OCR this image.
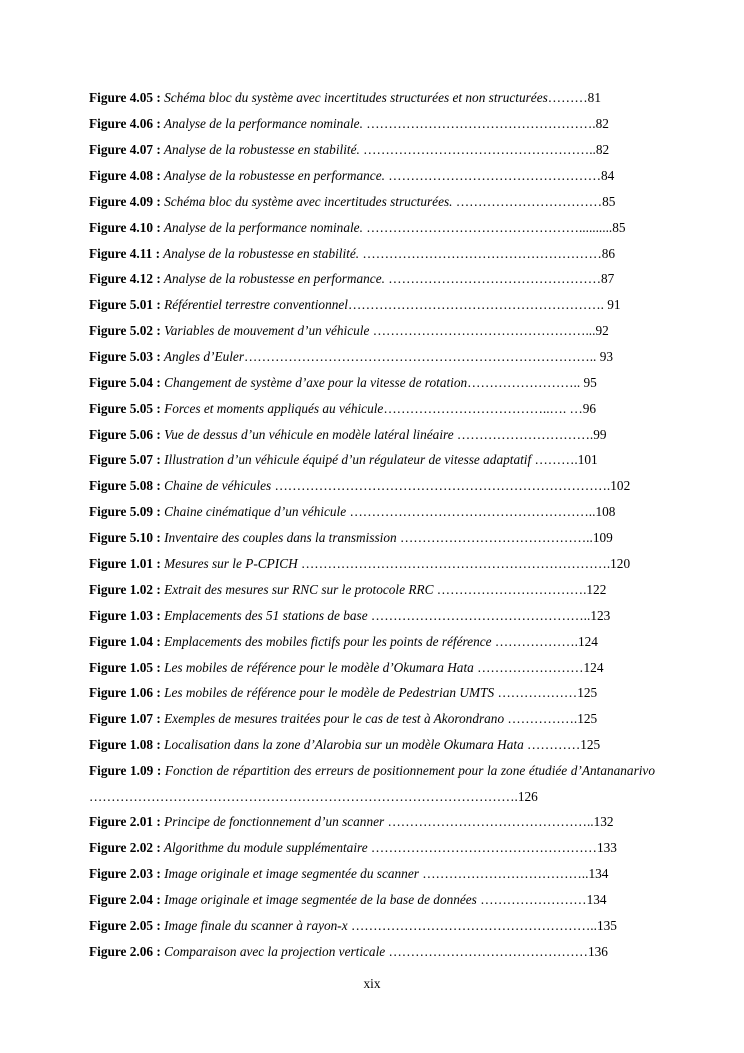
Figure 4.05 : Schéma bloc du système avec incertitudes structurées et non structurées………81
Figure 4.06 : Analyse de la performance nominale. …………………………………………….82
Figure 4.07 : Analyse de la robustesse en stabilité. ……………………………………………..82
Figure 4.08 : Analyse de la robustesse en performance. …………………………………………84
Figure 4.09 : Schéma bloc du système avec incertitudes structurées. ……………………………85
Figure 4.10 : Analyse de la performance nominale. …………………………………………..........85
Figure 4.11 : Analyse de la robustesse en stabilité. ………………………………………………86
Figure 4.12 : Analyse de la robustesse en performance. …………………………………………87
Figure 5.01 : Référentiel terrestre conventionnel…………………………………………………. 91
Figure 5.02 : Variables de mouvement d’un véhicule …………………………………………...92
Figure 5.03 : Angles d’Euler…………………………………………………………………….. 93
Figure 5.04 : Changement de système d’axe pour la vitesse de rotation…………………….. 95
Figure 5.05 : Forces et moments appliqués au véhicule………………………………..…. …96
Figure 5.06 : Vue de dessus d’un véhicule en modèle latéral linéaire ………………………….99
Figure 5.07 : Illustration d’un véhicule équipé d’un régulateur de vitesse adaptatif ……….101
Figure 5.08 : Chaine de véhicules ………………………………………………………………….102
Figure 5.09 : Chaine cinématique d’un véhicule ………………………………………………..108
Figure 5.10 : Inventaire des couples dans la transmission ……………………………………..109
Figure 1.01 : Mesures sur le P-CPICH …………………………………………………………….120
Figure 1.02 : Extrait des mesures sur RNC sur le protocole RRC …………………………….122
Figure 1.03 : Emplacements des 51 stations de base …………………………………………..123
Figure 1.04 : Emplacements des mobiles fictifs pour les points de référence ……………….124
Figure 1.05 : Les mobiles de référence pour le modèle d’Okumara Hata ……………………124
Figure 1.06 : Les mobiles de référence pour le modèle de Pedestrian UMTS ………………125
Figure 1.07 : Exemples de mesures traitées pour le cas de test à Akorondrano …………….125
Figure 1.08 : Localisation dans la zone d’Alarobia sur un modèle Okumara Hata …………125
Figure 1.09 : Fonction de répartition des erreurs de positionnement pour la zone étudiée d’Antananarivo …………………………………………………………………………………….126
Figure 2.01 : Principe de fonctionnement d’un scanner ………………………………………..132
Figure 2.02 : Algorithme du module supplémentaire ……………………………………………133
Figure 2.03 : Image originale et image segmentée du scanner ………………………………..134
Figure 2.04 : Image originale et image segmentée de la base de données ……………………134
Figure 2.05 : Image finale du scanner à rayon-x ………………………………………………..135
Figure 2.06 : Comparaison avec la projection verticale ………………………………………136
xix
